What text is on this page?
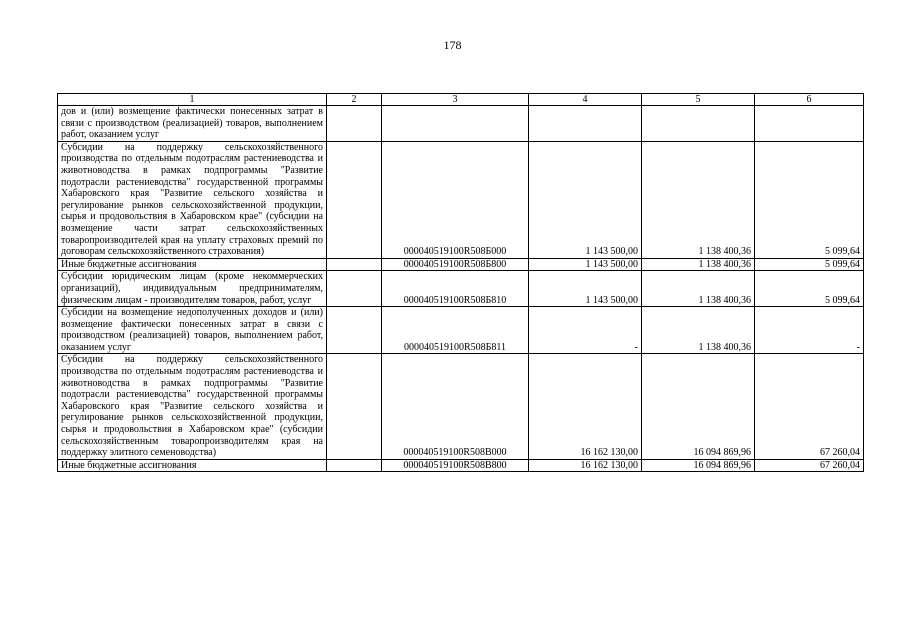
178
1	2	3	4	5	6
дов и (или) возмещение фактически понесенных затрат в связи с производством (реализацией) товаров, выполнением работ, оказанием услуг					
Субсидии на поддержку сельскохозяйственного производства по отдельным подотраслям растениеводства и животноводства в рамках подпрограммы "Развитие подотрасли растениеводства" государственной программы Хабаровского края "Развитие сельского хозяйства и регулирование рынков сельскохозяйственной продукции, сырья и продовольствия в Хабаровском крае" (субсидии на возмещение части затрат сельскохозяйственных товаропроизводителей края на уплату страховых премий по договорам сельскохозяйственного страхования)		000040519100R508Б000	1 143 500,00	1 138 400,36	5 099,64
Иные бюджетные ассигнования		000040519100R508Б800	1 143 500,00	1 138 400,36	5 099,64
Субсидии юридическим лицам (кроме некоммерческих организаций), индивидуальным предпринимателям, физическим лицам - производителям товаров, работ, услуг		000040519100R508Б810	1 143 500,00	1 138 400,36	5 099,64
Субсидии на возмещение недополученных доходов и (или) возмещение фактически понесенных затрат в связи с производством (реализацией) товаров, выполнением работ, оказанием услуг		000040519100R508Б811	-	1 138 400,36	-
Субсидии на поддержку сельскохозяйственного производства по отдельным подотраслям растениеводства и животноводства в рамках подпрограммы "Развитие подотрасли растениеводства" государственной программы Хабаровского края "Развитие сельского хозяйства и регулирование рынков сельскохозяйственной продукции, сырья и продовольствия в Хабаровском крае" (субсидии сельскохозяйственным товаропроизводителям края на поддержку элитного семеноводства)		000040519100R508В000	16 162 130,00	16 094 869,96	67 260,04
Иные бюджетные ассигнования		000040519100R508В800	16 162 130,00	16 094 869,96	67 260,04
